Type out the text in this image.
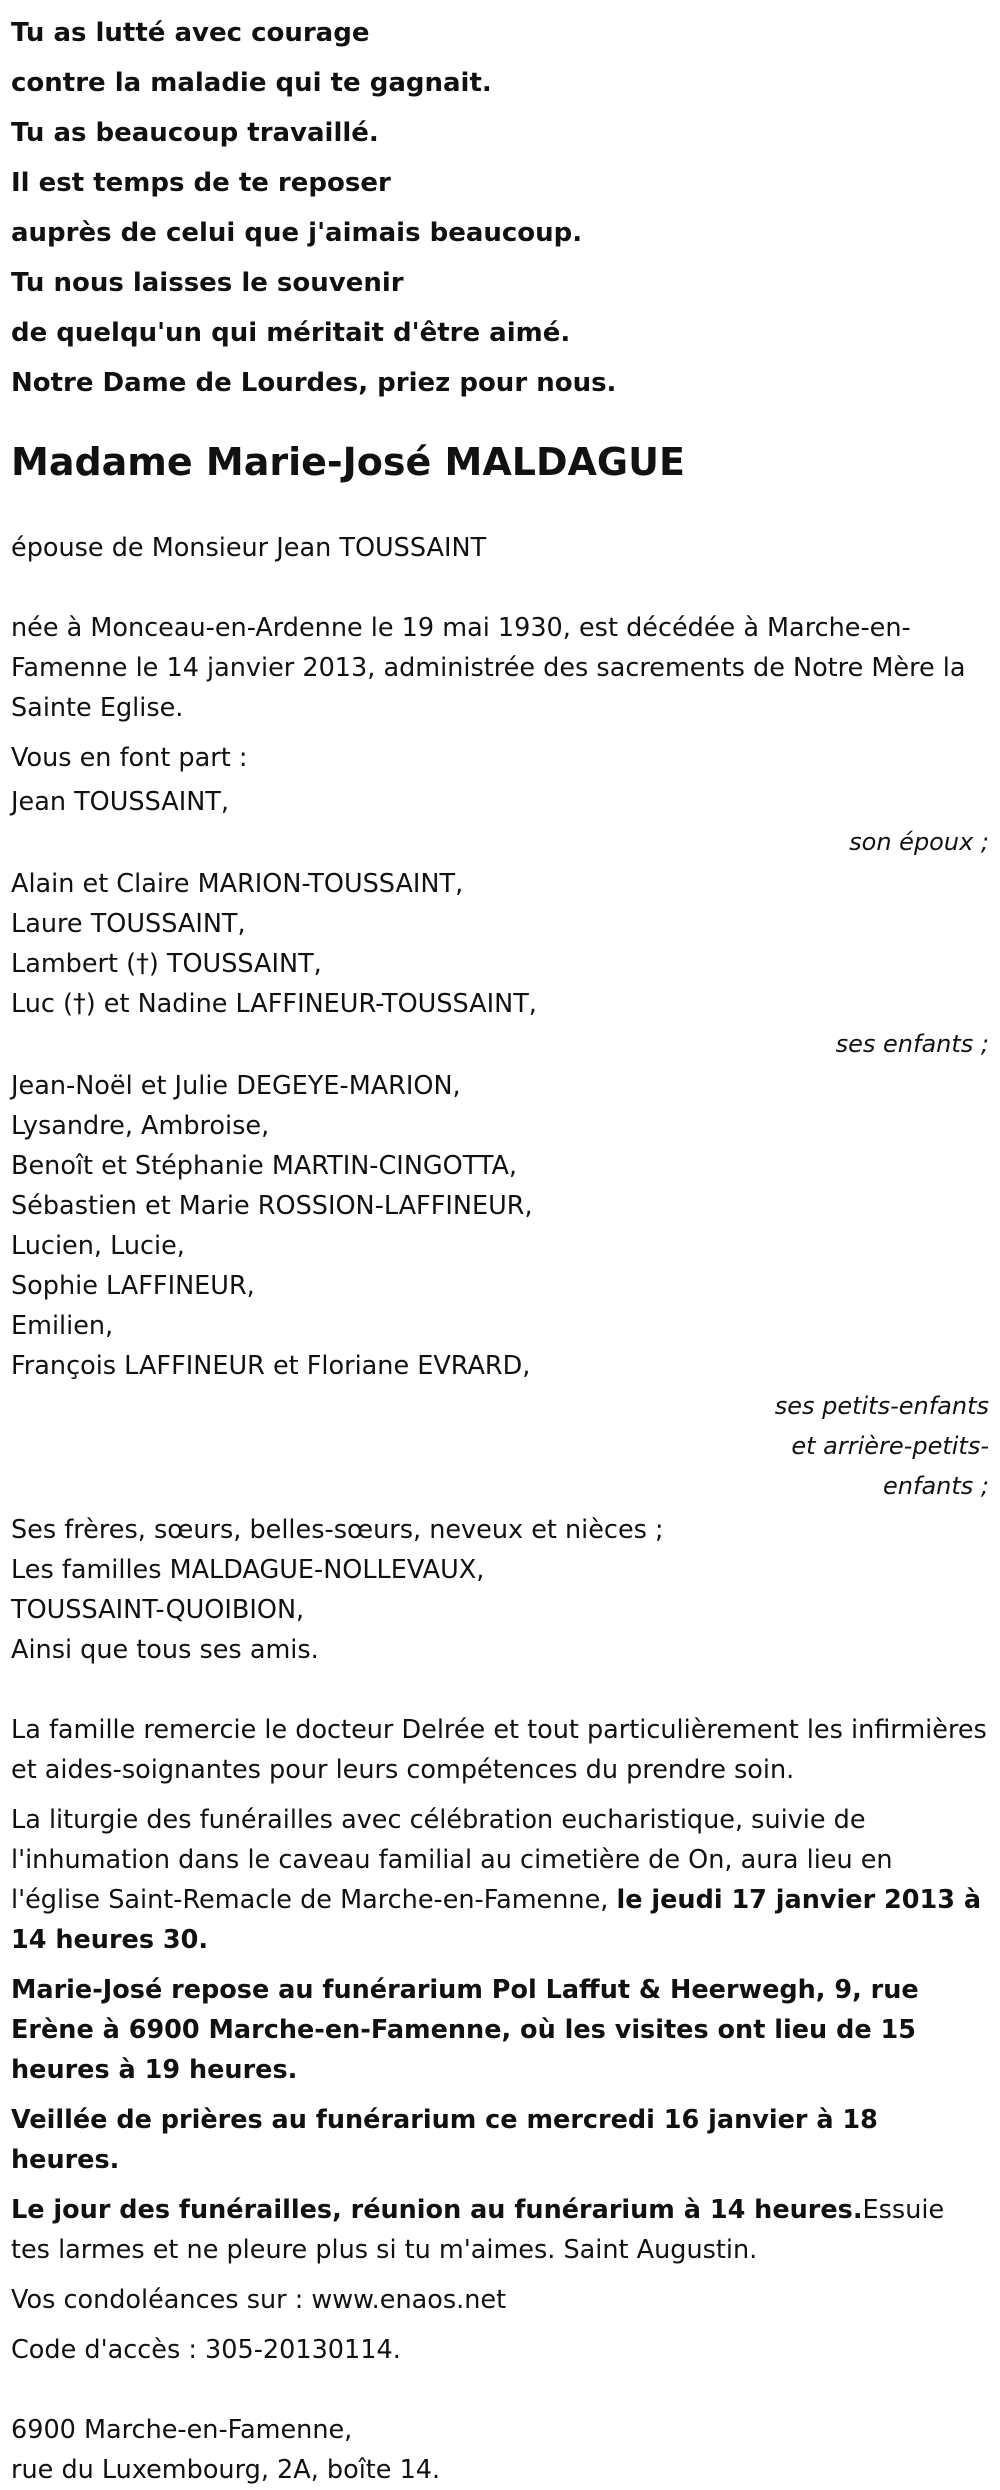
Tu as lutté avec courage

contre la maladie qui te gagnait.

Tu as beaucoup travaillé.

Il est temps de te reposer

auprès de celui que j'aimais beaucoup.

Tu nous laisses le souvenir

de quelqu'un qui méritait d'être aimé.

Notre Dame de Lourdes, priez pour nous.

Madame Marie-José MALDAGUE

épouse de Monsieur Jean TOUSSAINT

née à Monceau-en-Ardenne le 19 mai 1930, est décédée à Marche-en-Famenne le 14 janvier 2013, administrée des sacrements de Notre Mère la Sainte Eglise.

Vous en font part :

Jean TOUSSAINT,
son époux ;
Alain et Claire MARION-TOUSSAINT,
Laure TOUSSAINT,
Lambert (†) TOUSSAINT,
Luc (†) et Nadine LAFFINEUR-TOUSSAINT,
ses enfants ;
Jean-Noël et Julie DEGEYE-MARION,
Lysandre, Ambroise,
Benoît et Stéphanie MARTIN-CINGOTTA,
Sébastien et Marie ROSSION-LAFFINEUR,
Lucien, Lucie,
Sophie LAFFINEUR,
Emilien,
François LAFFINEUR et Floriane EVRARD,
ses petits-enfants et arrière-petits-enfants ;
Ses frères, sœurs, belles-sœurs, neveux et nièces ;
Les familles MALDAGUE-NOLLEVAUX,
TOUSSAINT-QUOIBION,
Ainsi que tous ses amis.

La famille remercie le docteur Delrée et tout particulièrement les infirmières et aides-soignantes pour leurs compétences du prendre soin.

La liturgie des funérailles avec célébration eucharistique, suivie de l'inhumation dans le caveau familial au cimetière de On, aura lieu en l'église Saint-Remacle de Marche-en-Famenne, le jeudi 17 janvier 2013 à 14 heures 30.

Marie-José repose au funérarium Pol Laffut & Heerwegh, 9, rue Erène à 6900 Marche-en-Famenne, où les visites ont lieu de 15 heures à 19 heures.

Veillée de prières au funérarium ce mercredi 16 janvier à 18 heures.

Le jour des funérailles, réunion au funérarium à 14 heures.Essuie tes larmes et ne pleure plus si tu m'aimes. Saint Augustin.

Vos condoléances sur : www.enaos.net

Code d'accès : 305-20130114.

6900 Marche-en-Famenne,
rue du Luxembourg, 2A, boîte 14.
